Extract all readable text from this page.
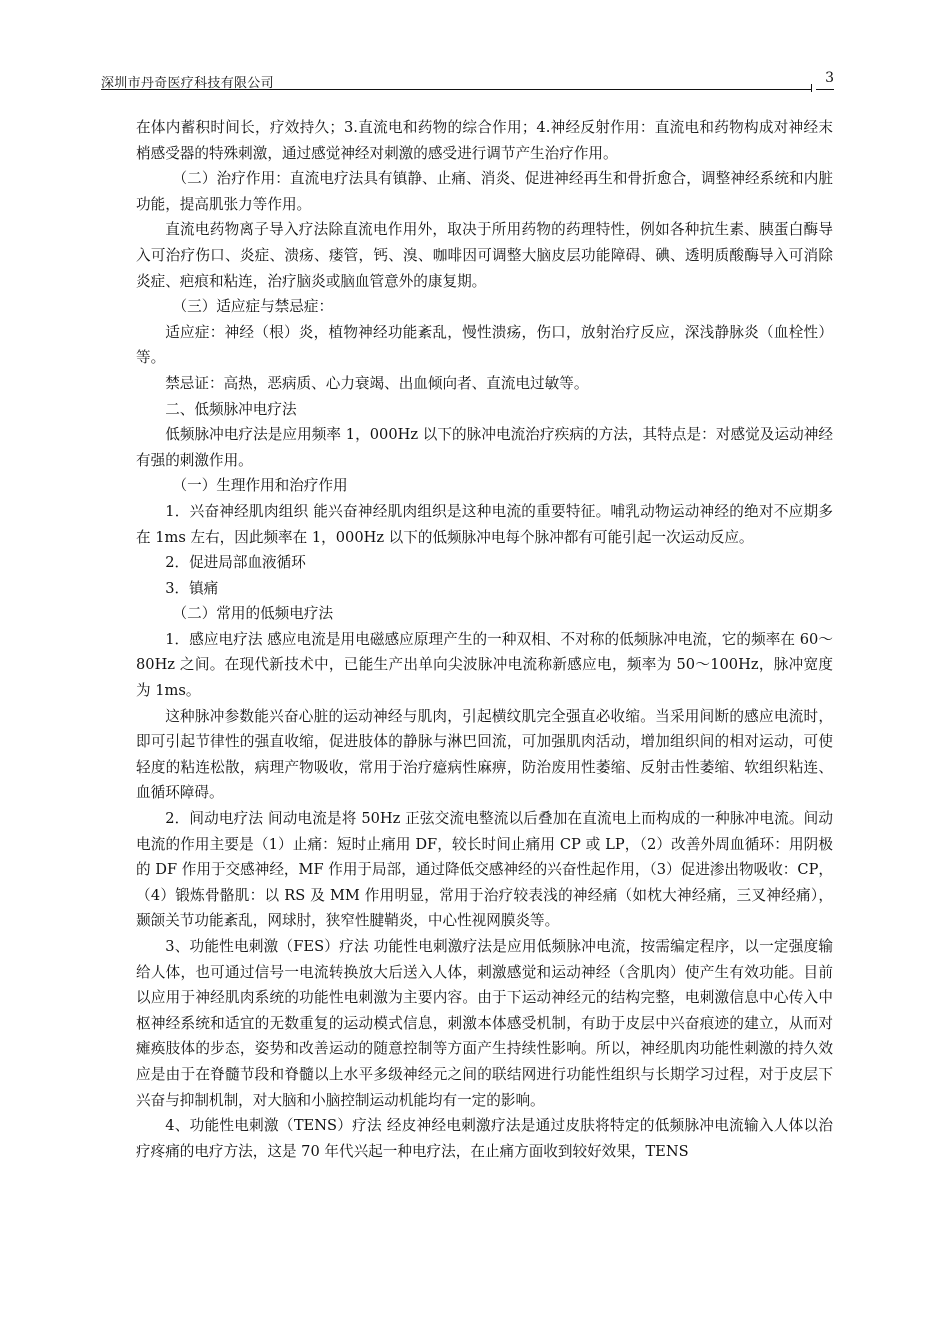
深圳市丹奇医疗科技有限公司	3

在体内蓄积时间长，疗效持久；3.直流电和药物的综合作用；4.神经反射作用：直流电和药物构成对神经末梢感受器的特殊刺激，通过感觉神经对刺激的感受进行调节产生治疗作用。

（二）治疗作用：直流电疗法具有镇静、止痛、消炎、促进神经再生和骨折愈合，调整神经系统和内脏功能，提高肌张力等作用。

直流电药物离子导入疗法除直流电作用外，取决于所用药物的药理特性，例如各种抗生素、胰蛋白酶导入可治疗伤口、炎症、溃疡、瘘管，钙、溴、咖啡因可调整大脑皮层功能障碍、碘、透明质酸酶导入可消除炎症、疤痕和粘连，治疗脑炎或脑血管意外的康复期。

（三）适应症与禁忌症：

适应症：神经（根）炎，植物神经功能紊乱，慢性溃疡，伤口，放射治疗反应，深浅静脉炎（血栓性）等。

禁忌证：高热，恶病质、心力衰竭、出血倾向者、直流电过敏等。

二、低频脉冲电疗法

低频脉冲电疗法是应用频率 1，000Hz 以下的脉冲电流治疗疾病的方法，其特点是：对感觉及运动神经有强的刺激作用。

（一）生理作用和治疗作用

1．兴奋神经肌肉组织 能兴奋神经肌肉组织是这种电流的重要特征。哺乳动物运动神经的绝对不应期多在 1ms 左右，因此频率在 1，000Hz 以下的低频脉冲电每个脉冲都有可能引起一次运动反应。

2．促进局部血液循环

3．镇痛

（二）常用的低频电疗法

1．感应电疗法 感应电流是用电磁感应原理产生的一种双相、不对称的低频脉冲电流，它的频率在 60～80Hz 之间。在现代新技术中，已能生产出单向尖波脉冲电流称新感应电，频率为 50～100Hz，脉冲宽度为 1ms。

这种脉冲参数能兴奋心脏的运动神经与肌肉，引起横纹肌完全强直必收缩。当采用间断的感应电流时，即可引起节律性的强直收缩，促进肢体的静脉与淋巴回流，可加强肌肉活动，增加组织间的相对运动，可使轻度的粘连松散，病理产物吸收，常用于治疗癔病性麻痹，防治废用性萎缩、反射击性萎缩、软组织粘连、血循环障碍。

2．间动电疗法 间动电流是将 50Hz 正弦交流电整流以后叠加在直流电上而构成的一种脉冲电流。间动电流的作用主要是（1）止痛：短时止痛用 DF，较长时间止痛用 CP 或 LP，（2）改善外周血循环：用阴极的 DF 作用于交感神经，MF 作用于局部，通过降低交感神经的兴奋性起作用，（3）促进渗出物吸收：CP，（4）锻炼骨骼肌：以 RS 及 MM 作用明显，常用于治疗较表浅的神经痛（如枕大神经痛，三叉神经痛），颞颌关节功能紊乱，网球肘，狭窄性腱鞘炎，中心性视网膜炎等。

3、功能性电刺激（FES）疗法 功能性电刺激疗法是应用低频脉冲电流，按需编定程序，以一定强度输给人体，也可通过信号一电流转换放大后送入人体，刺激感觉和运动神经（含肌肉）使产生有效功能。目前以应用于神经肌肉系统的功能性电刺激为主要内容。由于下运动神经元的结构完整，电刺激信息中心传入中枢神经系统和适宜的无数重复的运动模式信息，刺激本体感受机制，有助于皮层中兴奋痕迹的建立，从而对瘫痪肢体的步态，姿势和改善运动的随意控制等方面产生持续性影响。所以，神经肌肉功能性刺激的持久效应是由于在脊髓节段和脊髓以上水平多级神经元之间的联结网进行功能性组织与长期学习过程，对于皮层下兴奋与抑制机制，对大脑和小脑控制运动机能均有一定的影响。

4、功能性电刺激（TENS）疗法 经皮神经电刺激疗法是通过皮肤将特定的低频脉冲电流输入人体以治疗疼痛的电疗方法，这是 70 年代兴起一种电疗法，在止痛方面收到较好效果，TENS
